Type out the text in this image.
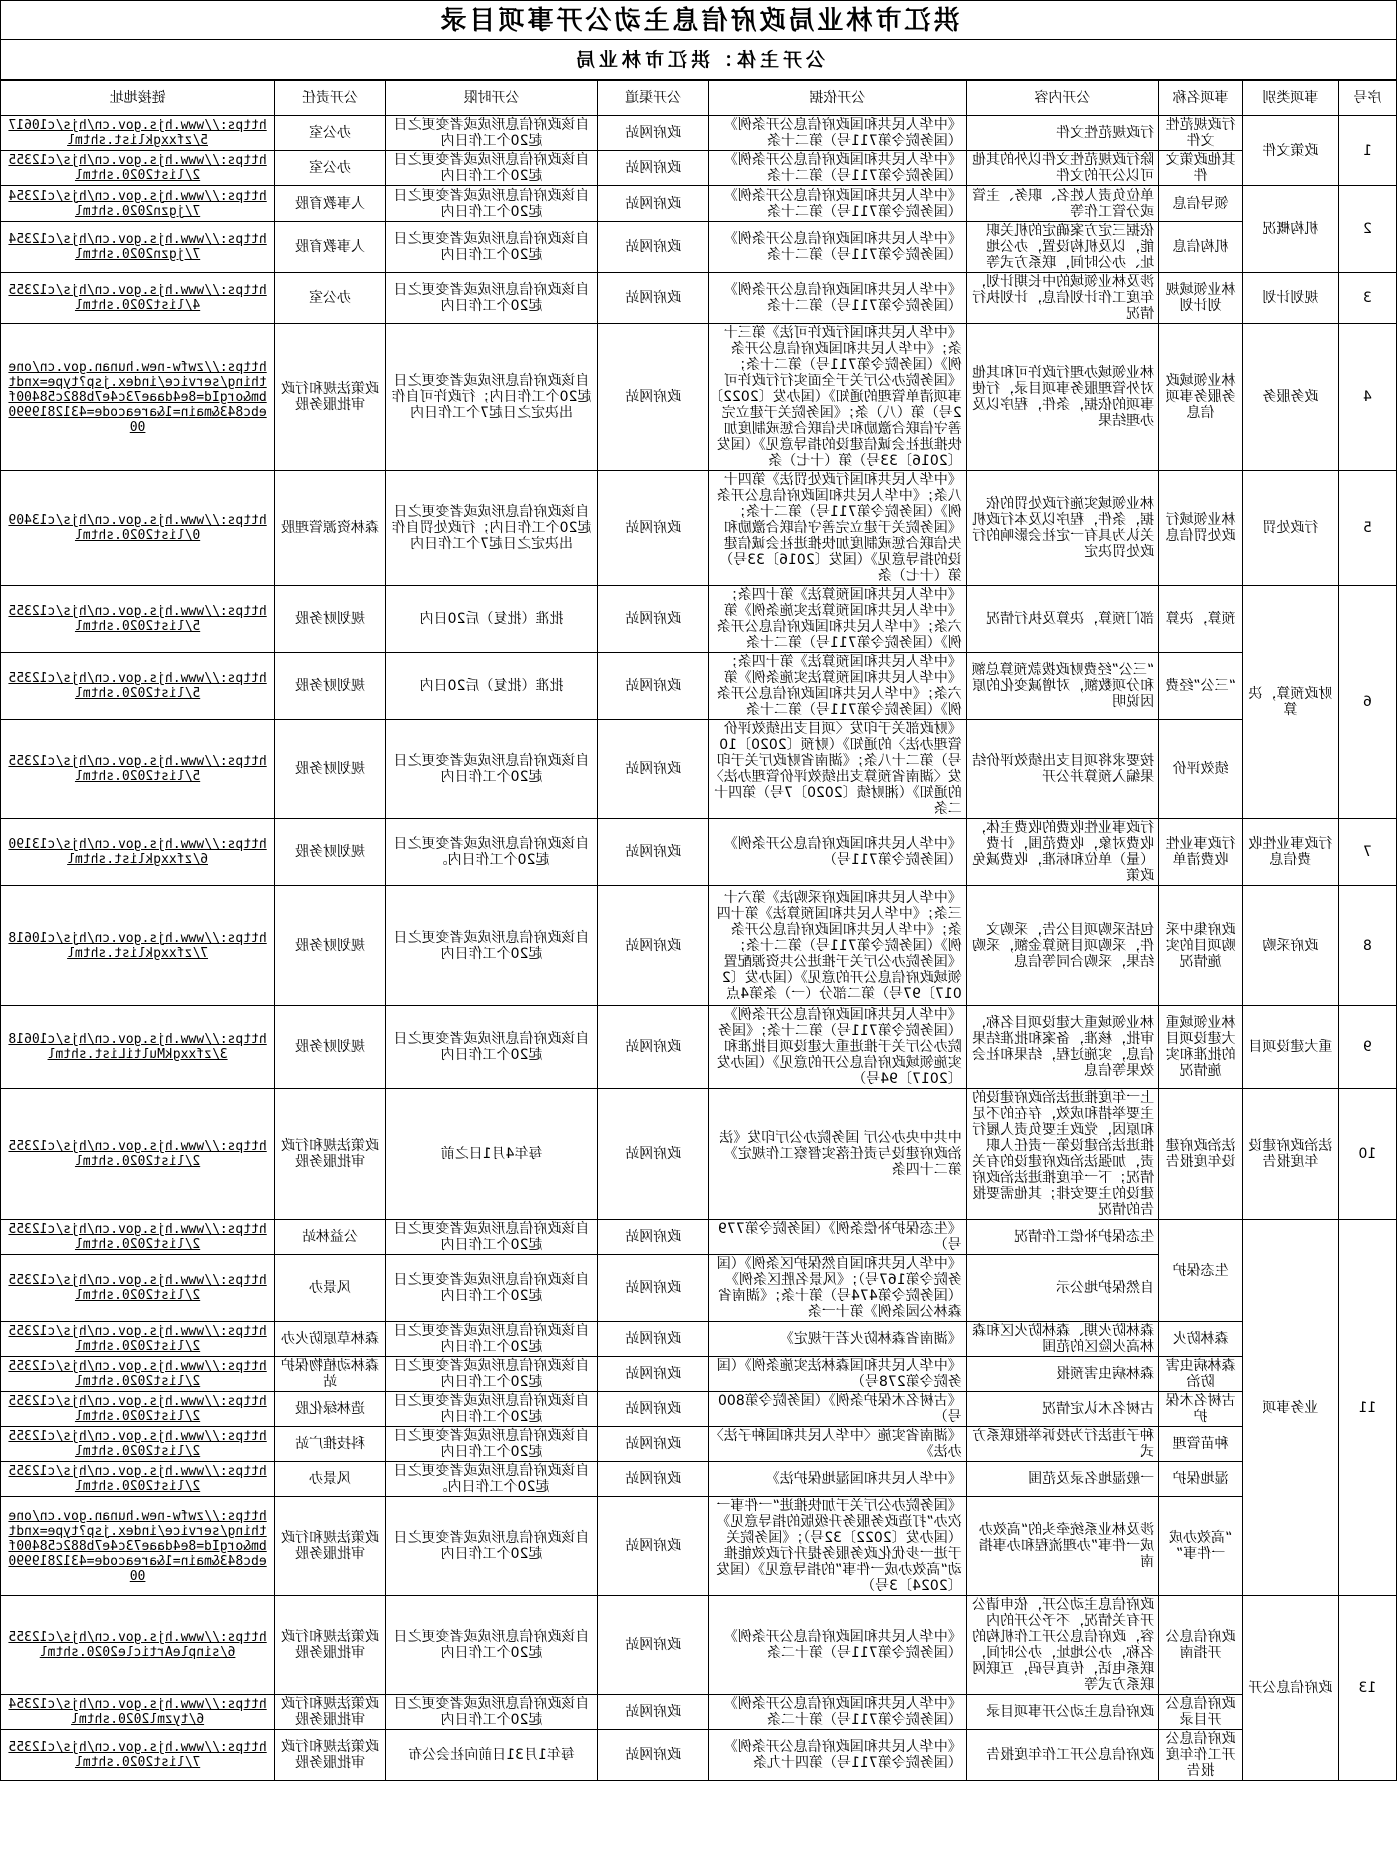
洪江市林业局政府信息主动公开事项目录
公开主体：洪江市林业局
序号	事项类别	事项名称	公开内容	公开依据	公开渠道	公开时限	公开责任	链接地址
1	政策文件	行政规范性文件	行政规范性文件	《中华人民共和国政府信息公开条例》（国务院令第711号）第二十条	政府网站	自该政府信息形成或者变更之日起20个工作日内	办公室	https://www.hjs.gov.cn/hjs/c106175/zfxxgklist.shtml
		其他政策文件	除行政规范性文件以外的其他可以公开的文件	《中华人民共和国政府信息公开条例》（国务院令第711号）第二十条	政府网站	自该政府信息形成或者变更之日起20个工作日内	办公室	https://www.hjs.gov.cn/hjs/c123552/list2020.shtml
2	机构概况	领导信息	单位负责人姓名、职务、主管或分管工作等	《中华人民共和国政府信息公开条例》（国务院令第711号）第二十条	政府网站	自该政府信息形成或者变更之日起20个工作日内	人事教育股	https://www.hjs.gov.cn/hjs/c123547/jgzn2020.shtml
		机构信息	依据三定方案确定的机关职能，以及机构设置，办公地址、办公时间，联系方式等	《中华人民共和国政府信息公开条例》（国务院令第711号）第二十条	政府网站	自该政府信息形成或者变更之日起20个工作日内	人事教育股	https://www.hjs.gov.cn/hjs/c123547/jgzn2020.shtml
3	规划计划	林业领域规划计划	涉及林业领域的中长期计划，年度工作计划信息，计划执行情况	《中华人民共和国政府信息公开条例》（国务院令第711号）第二十条	政府网站	自该政府信息形成或者变更之日起20个工作日内	办公室	https://www.hjs.gov.cn/hjs/c123554/list2020.shtml
4	政务服务	林业领域政务服务事项信息	林业领域办理行政许可和其他对外管理服务事项目录，行使事项的依据，条件，程序以及办理结果	《中华人民共和国行政许可法》第三十条；《中华人民共和国政府信息公开条例》（国务院令第711号）第二十条；《国务院办公厅关于全面实行行政许可事项清单管理的通知》（国办发〔2022〕2号）第（八）条；《国务院关于建立完善守信联合激励和失信联合惩戒制度加快推进社会诚信建设的指导意见》（国发〔2016〕33号）第（十七）条	政府网站	自该政府信息形成或者变更之日起20个工作日内；行政许可自作出决定之日起7个工作日内	政策法规和行政审批服务股	https://zwfw-new.hunan.gov.cn/onething/service/index.jsp?type=xndtbm&orgId=8e4daae73c4e7b882c58400febc843&main=1&areacode=431281999000
5	行政处罚	林业领域行政处罚信息	林业领域实施行政处罚的依据，条件，程序以及本行政机关认为具有一定社会影响的行政处罚决定	《中华人民共和国行政处罚法》第四十八条；《中华人民共和国政府信息公开条例》（国务院令第711号）第二十条；《国务院关于建立完善守信联合激励和失信联合惩戒制度加快推进社会诚信建设的指导意见》（国发〔2016〕33号）第（十七）条	政府网站	自该政府信息形成或者变更之日起20个工作日内；行政处罚自作出决定之日起7个工作日内	森林资源管理股	https://www.hjs.gov.cn/hjs/c134090/list2020.shtml
6	财政预算，决算	预算，决算	部门预算，决算及执行情况	《中华人民共和国预算法》第十四条；《中华人民共和国预算法实施条例》第六条；《中华人民共和国政府信息公开条例》（国务院令第711号）第二十条	政府网站	批准（批复）后20日内	规划财务股	https://www.hjs.gov.cn/hjs/c123555/list2020.shtml
		“三公”经费	“三公”经费财政拨款预算总额和分项数额，对增减变化的原因说明	《中华人民共和国预算法》第十四条；《中华人民共和国预算法实施条例》第六条；《中华人民共和国政府信息公开条例》（国务院令第711号）第二十条	政府网站	批准（批复）后20日内	规划财务股	https://www.hjs.gov.cn/hjs/c123555/list2020.shtml
		绩效评价	按要求将项目支出绩效评价结果编入预算并公开	《财政部关于印发〈项目支出绩效评价管理办法〉的通知》（财预〔2020〕10号）第二十八条；《湖南省财政厅关于印发〈湖南省预算支出绩效评价管理办法〉的通知》（湘财绩〔2020〕7号）第四十二条	政府网站	自该政府信息形成或者变更之日起20个工作日内	规划财务股	https://www.hjs.gov.cn/hjs/c123555/list2020.shtml
7	行政事业性收费信息	行政事业性收费清单	行政事业性收费的收费主体，收费对象，收费范围，计费（量）单位和标准，收费减免政策	《中华人民共和国政府信息公开条例》（国务院令第711号）	政府网站	自该政府信息形成或者变更之日起20个工作日内。	规划财务股	https://www.hjs.gov.cn/hjs/c131906/zfxxgklist.shtml
8	政府采购	政府集中采购项目的实施情况	包括采购项目公告，采购文件，采购项目预算金额，采购结果，采购合同等信息	《中华人民共和国政府采购法》第六十三条；《中华人民共和国预算法》第十四条；《中华人民共和国政府信息公开条例》（国务院令第711号）第二十条；《国务院办公厅关于推进公共资源配置领域政府信息公开的意见》（国办发〔2017〕97号）第二部分（一）条第4点	政府网站	自该政府信息形成或者变更之日起20个工作日内	规划财务股	https://www.hjs.gov.cn/hjs/c106187/zfxxgklist.shtml
9	重大建设项目	林业领域重大建设项目的批准和实施情况	林业领域重大建设项目名称，审批，核准，备案和批准结果信息，实施过程，结果和社会效果等信息	《中华人民共和国政府信息公开条例》（国务院令第711号）第二十条；《国务院办公厅关于推进重大建设项目批准和实施领域政府信息公开的意见》（国办发〔2017〕94号）	政府网站	自该政府信息形成或者变更之日起20个工作日内	规划财务股	https://www.hjs.gov.cn/hjs/c106183/zfxxgkMultiList.shtml
10	法治政府建设年度报告	法治政府建设年度报告	上一年度推进法治政府建设的主要举措和成效，存在的不足和原因，党政主要负责人履行推进法治建设第一责任人职责，加强法治政府建设的有关情况；下一年度推进法治政府建设的主要安排；其他需要报告的情况	中共中央办公厅 国务院办公厅印发《法治政府建设与责任落实督察工作规定》第二十四条	政府网站	每年4月1日之前	政策法规和行政审批服务股	https://www.hjs.gov.cn/hjs/c123552/list2020.shtml
11	业务事项	生态保护	生态保护补偿工作情况	《生态保护补偿条例》（国务院令第779号）	政府网站	自该政府信息形成或者变更之日起20个工作日内	公益林站	https://www.hjs.gov.cn/hjs/c123552/list2020.shtml
			自然保护地公示	《中华人民共和国自然保护区条例》（国务院令第167号）；《风景名胜区条例》（国务院令第474号）第十条；《湖南省森林公园条例》第十一条	政府网站	自该政府信息形成或者变更之日起20个工作日内	风景办	https://www.hjs.gov.cn/hjs/c123552/list2020.shtml
		森林防火	森林防火期、森林防火区和森林高火险区的范围	《湖南省森林防火若干规定》	政府网站	自该政府信息形成或者变更之日起20个工作日内	森林草原防火办	https://www.hjs.gov.cn/hjs/c123552/list2020.shtml
		森林病虫害防治	森林病虫害预报	《中华人民共和国森林法实施条例》（国务院令第278号）	政府网站	自该政府信息形成或者变更之日起20个工作日内	森林动植物保护站	https://www.hjs.gov.cn/hjs/c123552/list2020.shtml
		古树名木保护	古树名木认定情况	《古树名木保护条例》（国务院令第800号）	政府网站	自该政府信息形成或者变更之日起20个工作日内	造林绿化股	https://www.hjs.gov.cn/hjs/c123552/list2020.shtml
		种苗管理	种子违法行为投诉举报联系方式	《湖南省实施〈中华人民共和国种子法〉办法》	政府网站	自该政府信息形成或者变更之日起20个工作日内	科技推广站	https://www.hjs.gov.cn/hjs/c123552/list2020.shtml
		湿地保护	一般湿地名录及范围	《中华人民共和国湿地保护法》	政府网站	自该政府信息形成或者变更之日起20个工作日内。	风景办	https://www.hjs.gov.cn/hjs/c123552/list2020.shtml
		“高效办成一件事”	涉及林业系统牵头的“高效办成一件事”办理流程和办事指南	《国务院办公厅关于加快推进“一件事一次办”打造政务服务升级版的指导意见》（国办发〔2022〕32号）；《国务院关于进一步优化政务服务提升行政效能推动“高效办成一件事”的指导意见》（国发〔2024〕3号）	政府网站	自该政府信息形成或者变更之日起20个工作日内	政策法规和行政审批服务股	https://zwfw-new.hunan.gov.cn/onething/service/index.jsp?type=xndtbm&orgId=8e4daae73c4e7b882c58400febc843&main=1&areacode=431281999000
13	政府信息公开	政府信息公开指南	政府信息主动公开，依申请公开有关情况，不予公开的内容，政府信息公开工作机构的名称，办公地址，办公时间，联系电话，传真号码，互联网联系方式等	《中华人民共和国政府信息公开条例》（国务院令第711号）第十二条	政府网站	自该政府信息形成或者变更之日起20个工作日内	政策法规和行政审批服务股	https://www.hjs.gov.cn/hjs/c123556/sinpleArticle2020.shtml
		政府信息公开目录	政府信息主动公开事项目录	《中华人民共和国政府信息公开条例》（国务院令第711号）第十二条	政府网站	自该政府信息形成或者变更之日起20个工作日内	政策法规和行政审批服务股	https://www.hjs.gov.cn/hjs/c123546/tyzml2020.shtml
		政府信息公开工作年度报告	政府信息公开工作年度报告	《中华人民共和国政府信息公开条例》（国务院令第711号）第四十九条	政府网站	每年1月31日前向社会公布	政策法规和行政审批服务股	https://www.hjs.gov.cn/hjs/c123557/list2020.shtml
